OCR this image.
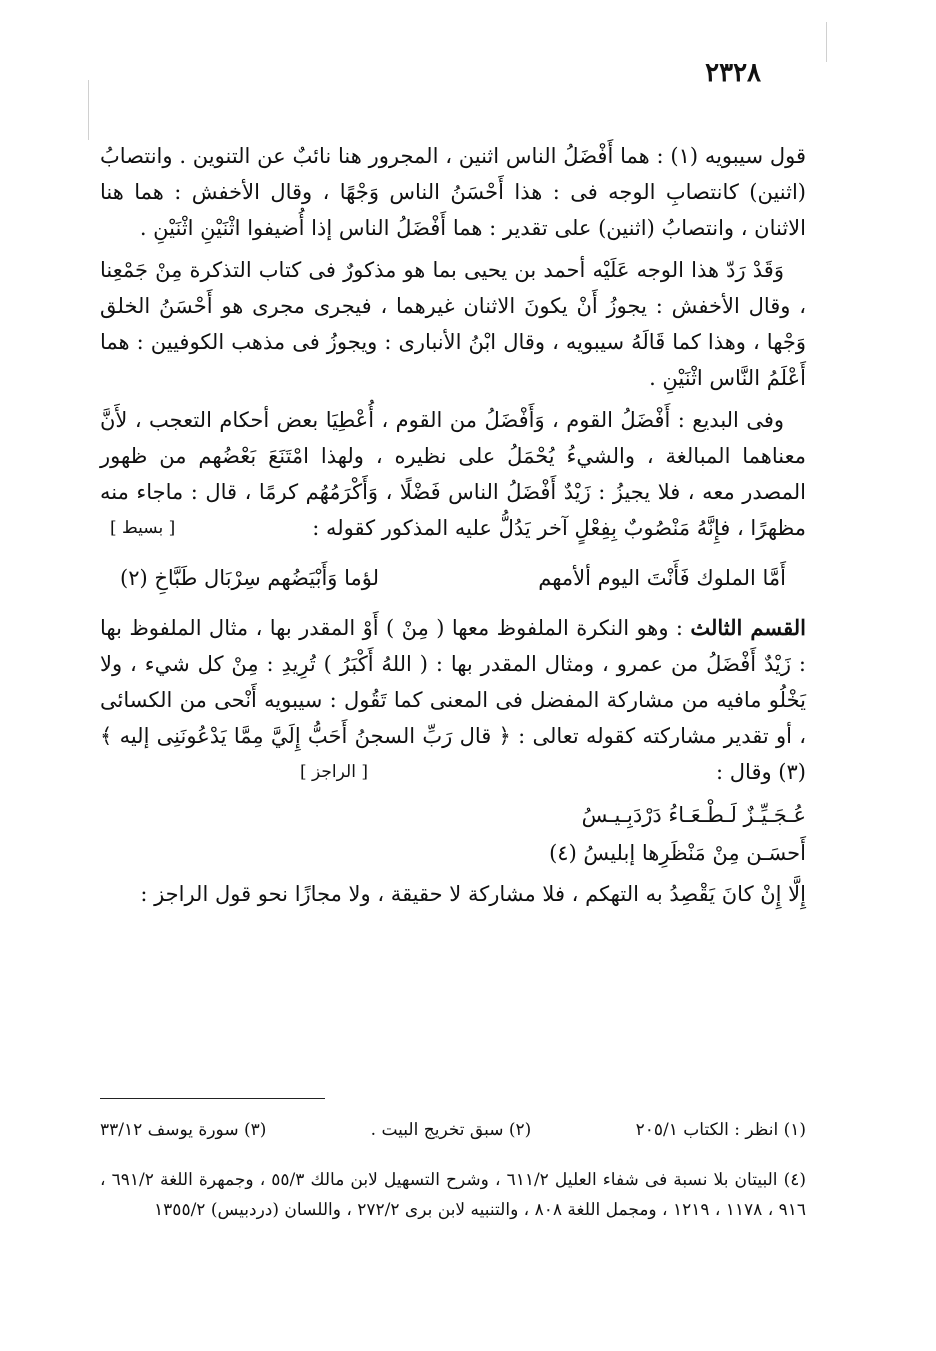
٢٣٢٨

قول سيبويه (١) : هما أَفْضَلُ الناس اثنين ، المجرور هنا نائبٌ عن التنوين . وانتصابُ (اثنين) كانتصابِ الوجه فى : هذا أَحْسَنُ الناس وَجْهًا ، وقال الأخفش : هما هنا الاثنان ، وانتصابُ (اثنين) على تقدير : هما أَفْضَلُ الناس إذا أُضيفوا اثْنَيْنِ اثْنَيْنِ .

وَقَدْ رَدّ هذا الوجه عَلَيْه أحمد بن يحيى بما هو مذكورٌ فى كتاب التذكرة مِنْ جَمْعِنا ، وقال الأخفش : يجوزُ أَنْ يكونَ الاثنان غيرهما ، فيجرى مجرى هو أَحْسَنُ الخلق وَجْها ، وهذا كما قَالَهُ سيبويه ، وقال ابْنُ الأنبارى : ويجوزُ فى مذهب الكوفيين : هما أَعْلَمُ النَّاس اثْنَيْنِ .

وفى البديع : أَفْضَلُ القوم ، وَأَفْضَلُ من القوم ، أُعْطِيَا بعض أحكام التعجب ، لأَنَّ معناهما المبالغة ، والشيءُ يُحْمَلُ على نظيره ، ولهذا امْتَنَعَ بَعْضُهم من ظهور المصدر معه ، فلا يجيزُ : زَيْدٌ أَفْضَلُ الناس فَضْلًا ، وَأَكْرَمُهُم كرمًا ، قال : ماجاء منه مظهرًا ، فإِنَّهُ مَنْصُوبٌ بِفِعْلٍ آخر يَدُلُّ عليه المذكور كقوله :
[ بسيط ]

أَمَّا الملوك فَأَنْتَ اليوم ألأمهم
لؤما وَأَبْيَضُهم سِرْبَال طَبَّاخِ (٢)

القسم الثالث : وهو النكرة الملفوظ معها ( مِنْ ) أَوْ المقدر بها ، مثال الملفوظ بها : زَيْدٌ أَفْضَلُ من عمرو ، ومثال المقدر بها : ( اللهُ أَكْبَرُ ) تُرِيدِ : مِنْ كل شيء ، ولا يَخْلُو مافيه من مشاركة المفضل فى المعنى كما تَقُول : سيبويه أَنْحى من الكسائى ، أو تقدير مشاركته كقوله تعالى : ﴿ قال رَبِّ السجنُ أَحَبُّ إِلَيَّ مِمَّا يَدْعُونَنِى إليه ﴾ (٣) وقال :
[ الراجز ]

عُـجَـيِّـزٌ لَـطْـعَـاءُ دَرْدَبِـيـسُ
أَحسَـن مِنْ مَنْظَرِها إبليسُ (٤)

إِلَّا إِنْ كانَ يَقْصِدُ به التهكم ، فلا مشاركة لا حقيقة ، ولا مجازًا نحو قول الراجز :

(١) انظر : الكتاب ٢٠٥/١
(٢) سبق تخريج البيت .
(٣) سورة يوسف ٣٣/١٢
(٤) البيتان بلا نسبة فى شفاء العليل ٦١١/٢ ، وشرح التسهيل لابن مالك ٥٥/٣ ، وجمهرة اللغة ٦٩١/٢ ، ٩١٦ ، ١١٧٨ ، ١٢١٩ ، ومجمل اللغة ٨٠٨ ، والتنبيه لابن برى ٢٧٢/٢ ، واللسان (دردبيس) ١٣٥٥/٢
